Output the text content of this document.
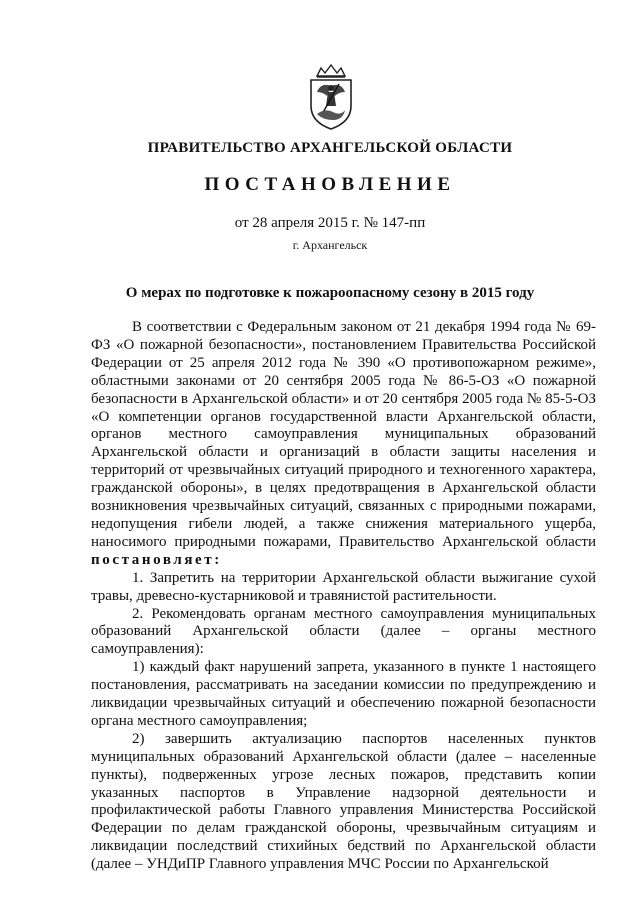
ПРАВИТЕЛЬСТВО АРХАНГЕЛЬСКОЙ ОБЛАСТИ
ПОСТАНОВЛЕНИЕ
от 28 апреля 2015 г. № 147-пп
г. Архангельск
О мерах по подготовке к пожароопасному сезону в 2015 году

В соответствии с Федеральным законом от 21 декабря 1994 года № 69-ФЗ «О пожарной безопасности», постановлением Правительства Российской Федерации от 25 апреля 2012 года № 390 «О противопожарном режиме», областными законами от 20 сентября 2005 года № 86-5-ОЗ «О пожарной безопасности в Архангельской области» и от 20 сентября 2005 года № 85-5-ОЗ «О компетенции органов государственной власти Архангельской области, органов местного самоуправления муниципальных образований Архангельской области и организаций в области защиты населения и территорий от чрезвычайных ситуаций природного и техногенного характера, гражданской обороны», в целях предотвращения в Архангельской области возникновения чрезвычайных ситуаций, связанных с природными пожарами, недопущения гибели людей, а также снижения материального ущерба, наносимого природными пожарами, Правительство Архангельской области постановляет:

1. Запретить на территории Архангельской области выжигание сухой травы, древесно-кустарниковой и травянистой растительности.

2. Рекомендовать органам местного самоуправления муниципальных образований Архангельской области (далее – органы местного самоуправления):

1) каждый факт нарушений запрета, указанного в пункте 1 настоящего постановления, рассматривать на заседании комиссии по предупреждению и ликвидации чрезвычайных ситуаций и обеспечению пожарной безопасности органа местного самоуправления;

2) завершить актуализацию паспортов населенных пунктов муниципальных образований Архангельской области (далее – населенные пункты), подверженных угрозе лесных пожаров, представить копии указанных паспортов в Управление надзорной деятельности и профилактической работы Главного управления Министерства Российской Федерации по делам гражданской обороны, чрезвычайным ситуациям и ликвидации последствий стихийных бедствий по Архангельской области (далее – УНДиПР Главного управления МЧС России по Архангельской
